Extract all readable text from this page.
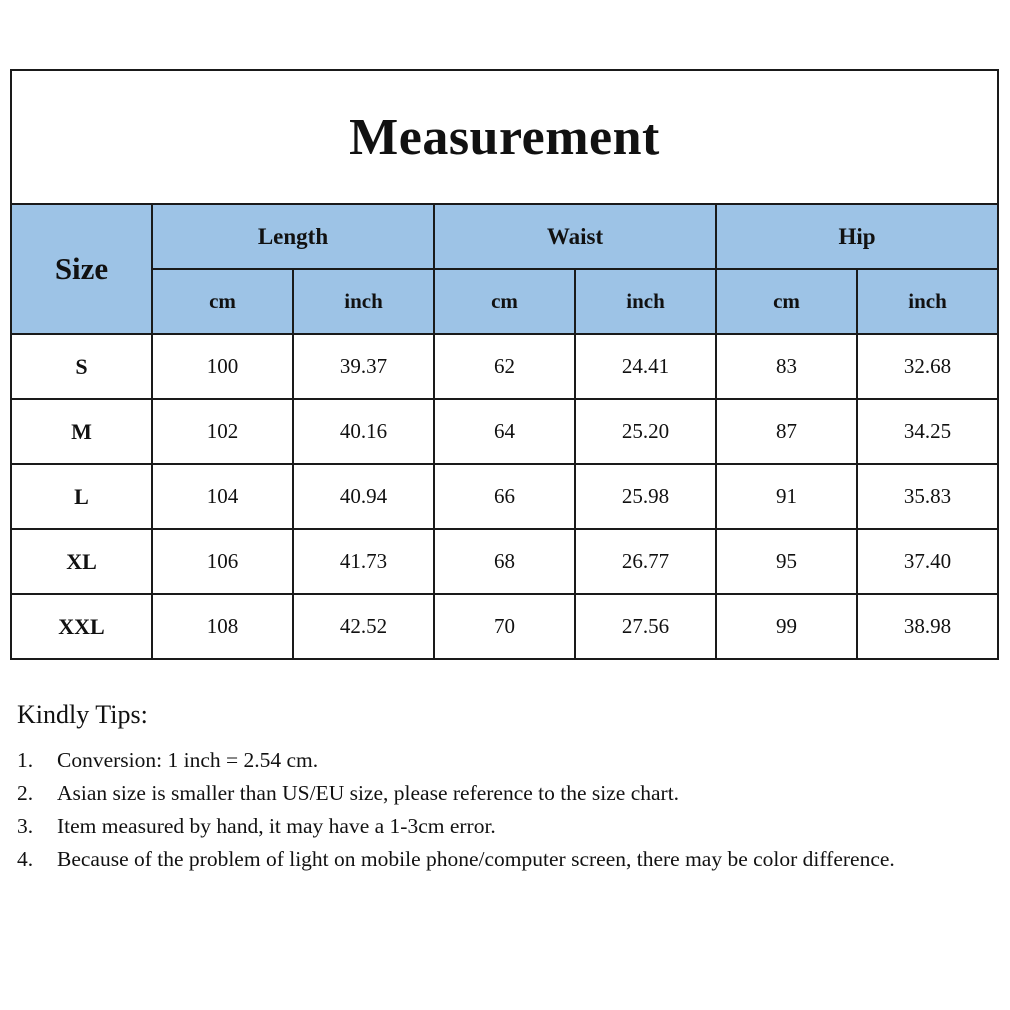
Measurement						
Size	Length		Waist		Hip	
	cm	inch	cm	inch	cm	inch
S	100	39.37	62	24.41	83	32.68
M	102	40.16	64	25.20	87	34.25
L	104	40.94	66	25.98	91	35.83
XL	106	41.73	68	26.77	95	37.40
XXL	108	42.52	70	27.56	99	38.98
Kindly Tips:
1.	Conversion: 1 inch = 2.54 cm.
2.	Asian size is smaller than US/EU size, please reference to the size chart.
3.	Item measured by hand, it may have a 1-3cm error.
4.	Because of the problem of light on mobile phone/computer screen, there may be color difference.
